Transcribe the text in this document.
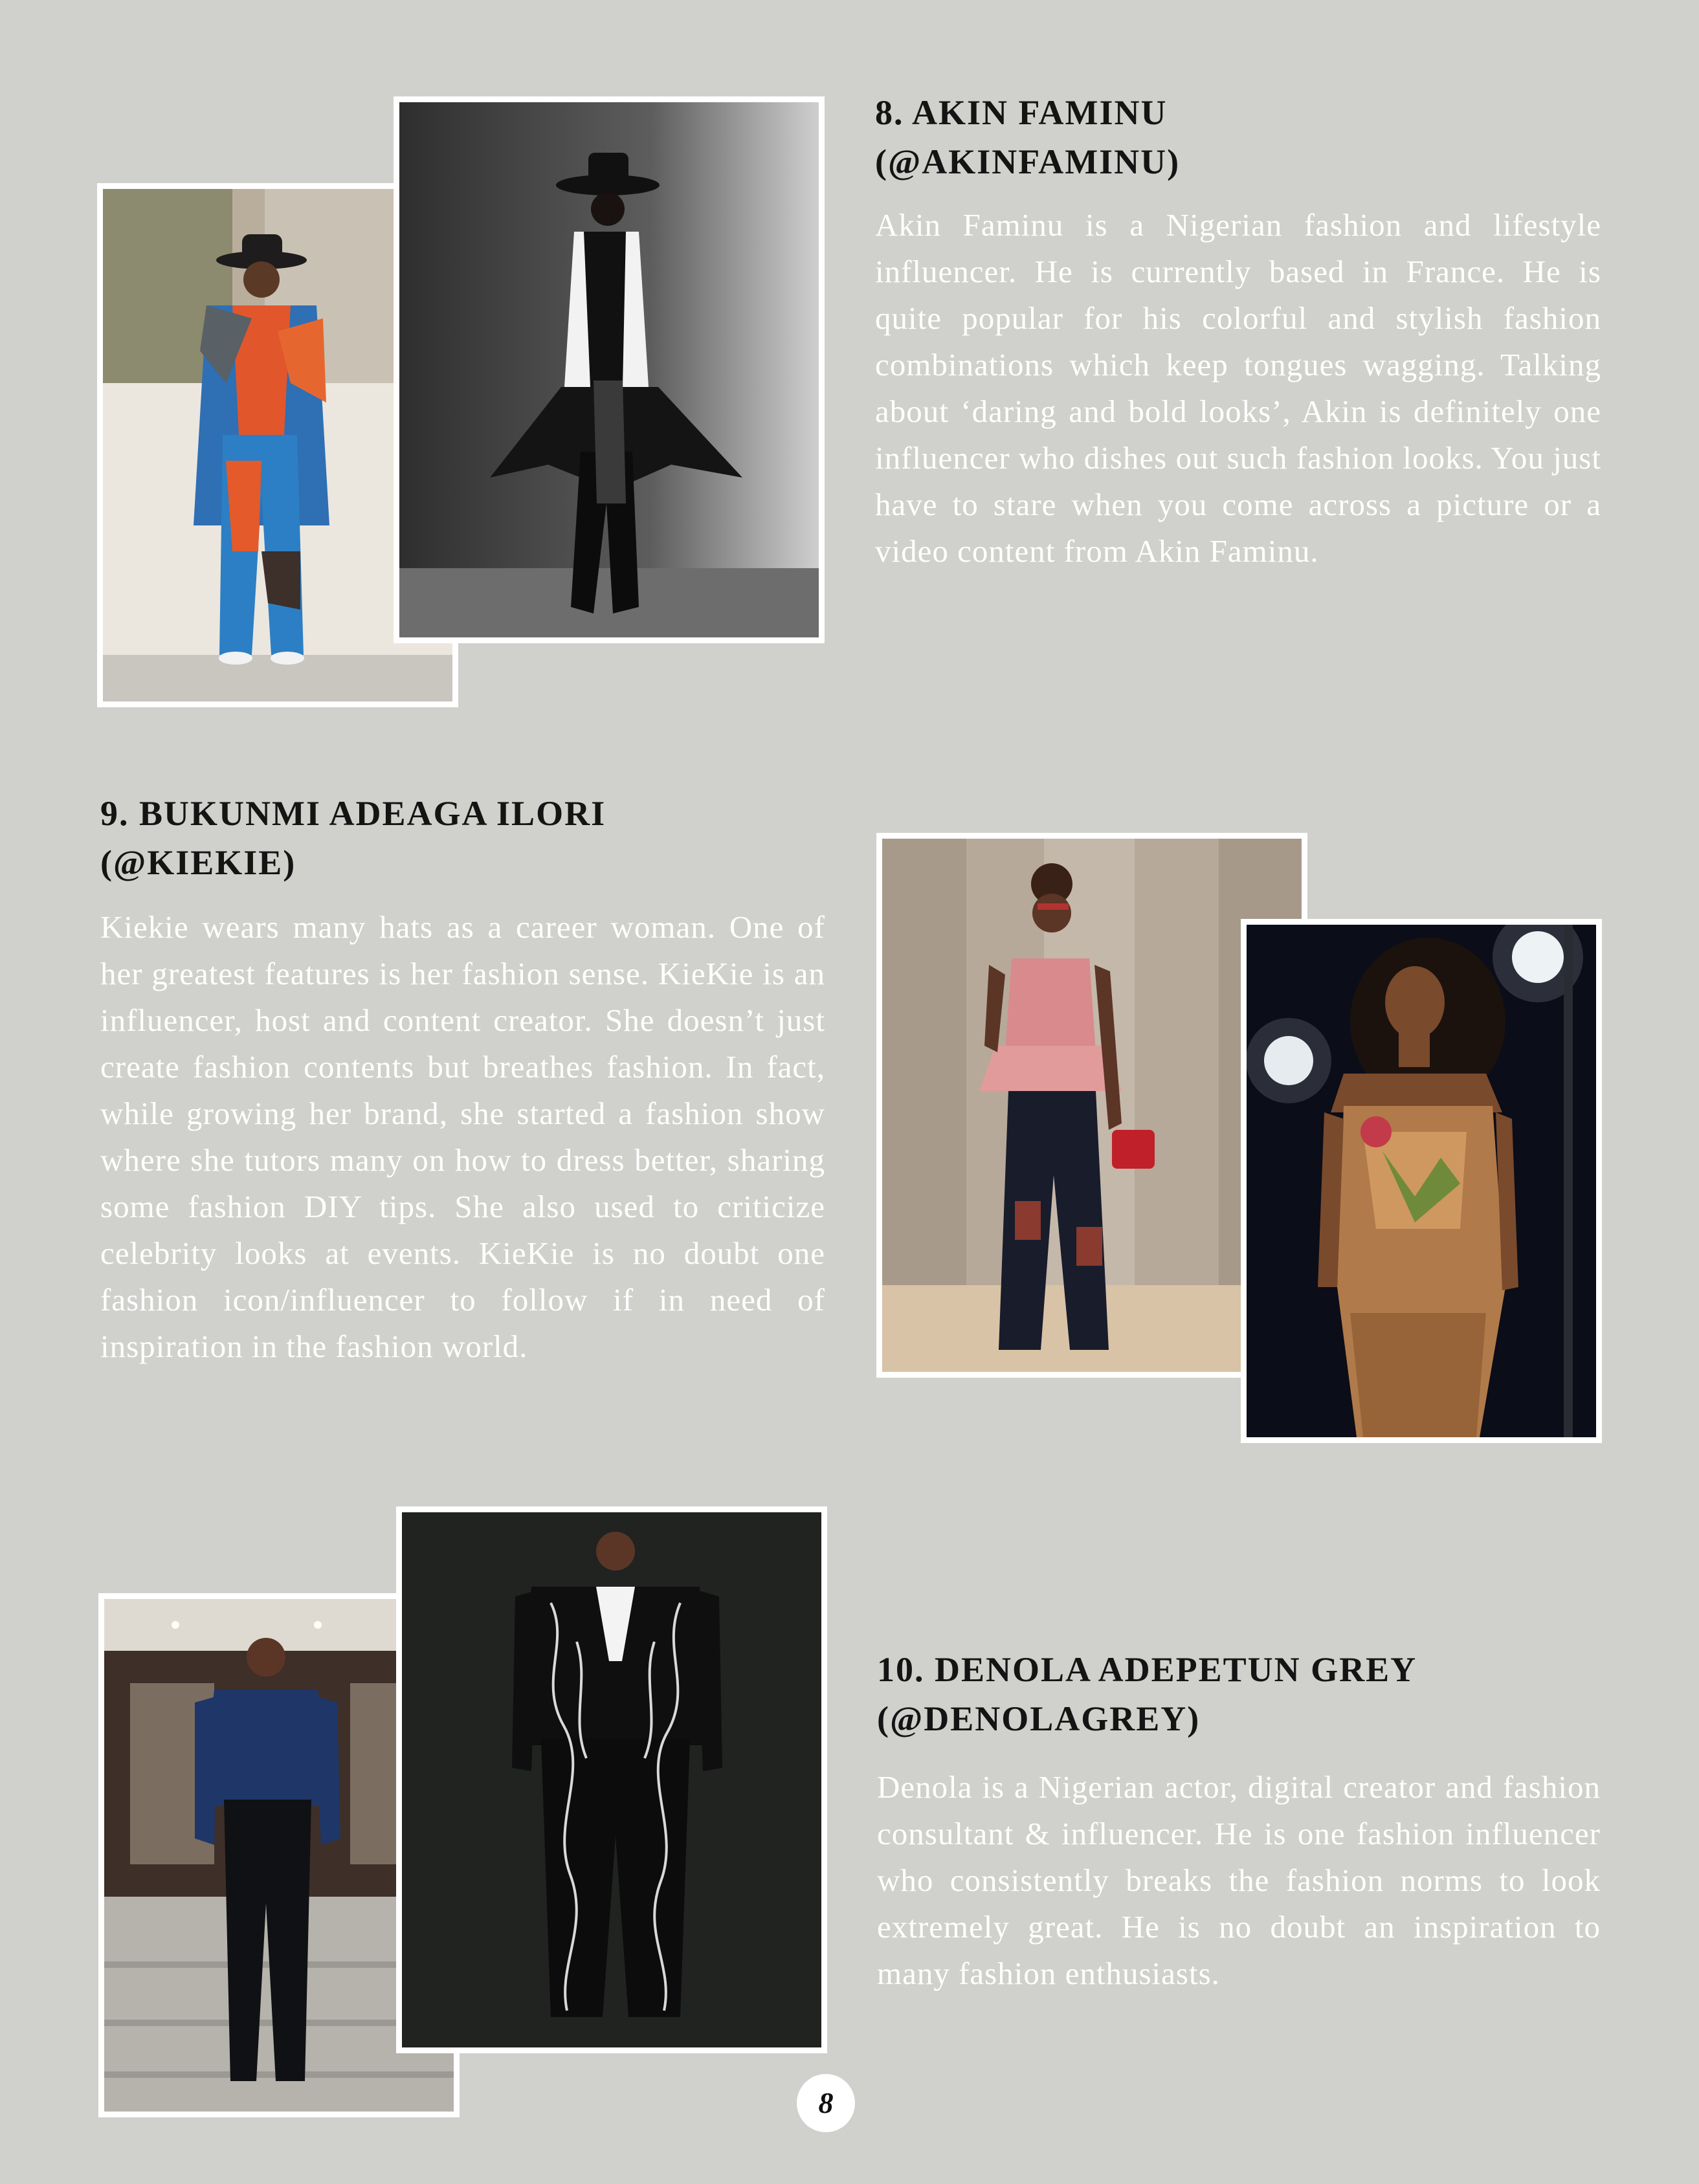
8. AKIN FAMINU
(@AKINFAMINU)

Akin Faminu is a Nigerian fashion and lifestyle influencer. He is currently based in France. He is quite popular for his colorful and stylish fashion combinations which keep tongues wagging. Talking about ‘daring and bold looks’, Akin is definitely one influencer who dishes out such fashion looks. You just have to stare when you come across a picture or a video content from Akin Faminu.

9. BUKUNMI ADEAGA ILORI
(@KIEKIE)

Kiekie wears many hats as a career woman. One of her greatest features is her fashion sense. KieKie is an influencer, host and content creator. She doesn’t just create fashion contents but breathes fashion. In fact, while growing her brand, she started a fashion show where she tutors many on how to dress better, sharing some fashion DIY tips. She also used to criticize celebrity looks at events. KieKie is no doubt one fashion icon/influencer to follow if in need of inspiration in the fashion world.

10. DENOLA ADEPETUN GREY
(@DENOLAGREY)

Denola is a Nigerian actor, digital creator and fashion consultant & influencer. He is one fashion influencer who consistently breaks the fashion norms to look extremely great. He is no doubt an inspiration to many fashion enthusiasts.

8
